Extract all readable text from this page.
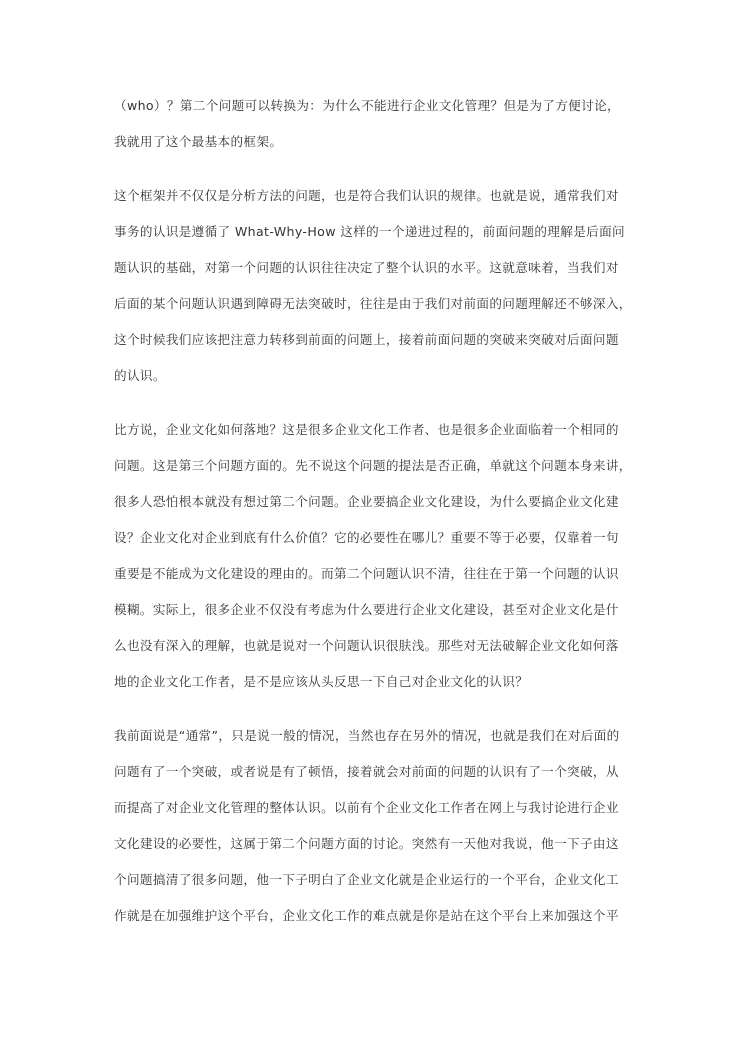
（who）？第二个问题可以转换为：为什么不能进行企业文化管理？但是为了方便讨论，
我就用了这个最基本的框架。
这个框架并不仅仅是分析方法的问题，也是符合我们认识的规律。也就是说，通常我们对
事务的认识是遵循了 What-Why-How 这样的一个递进过程的，前面问题的理解是后面问
题认识的基础，对第一个问题的认识往往决定了整个认识的水平。这就意味着，当我们对
后面的某个问题认识遇到障碍无法突破时，往往是由于我们对前面的问题理解还不够深入，
这个时候我们应该把注意力转移到前面的问题上，接着前面问题的突破来突破对后面问题
的认识。
比方说，企业文化如何落地？这是很多企业文化工作者、也是很多企业面临着一个相同的
问题。这是第三个问题方面的。先不说这个问题的提法是否正确，单就这个问题本身来讲，
很多人恐怕根本就没有想过第二个问题。企业要搞企业文化建设，为什么要搞企业文化建
设？企业文化对企业到底有什么价值？它的必要性在哪儿？重要不等于必要，仅靠着一句
重要是不能成为文化建设的理由的。而第二个问题认识不清，往往在于第一个问题的认识
模糊。实际上，很多企业不仅没有考虑为什么要进行企业文化建设，甚至对企业文化是什
么也没有深入的理解，也就是说对一个问题认识很肤浅。那些对无法破解企业文化如何落
地的企业文化工作者，是不是应该从头反思一下自己对企业文化的认识？
我前面说是“通常”，只是说一般的情况，当然也存在另外的情况，也就是我们在对后面的
问题有了一个突破，或者说是有了顿悟，接着就会对前面的问题的认识有了一个突破，从
而提高了对企业文化管理的整体认识。以前有个企业文化工作者在网上与我讨论进行企业
文化建设的必要性，这属于第二个问题方面的讨论。突然有一天他对我说，他一下子由这
个问题搞清了很多问题，他一下子明白了企业文化就是企业运行的一个平台，企业文化工
作就是在加强维护这个平台，企业文化工作的难点就是你是站在这个平台上来加强这个平
